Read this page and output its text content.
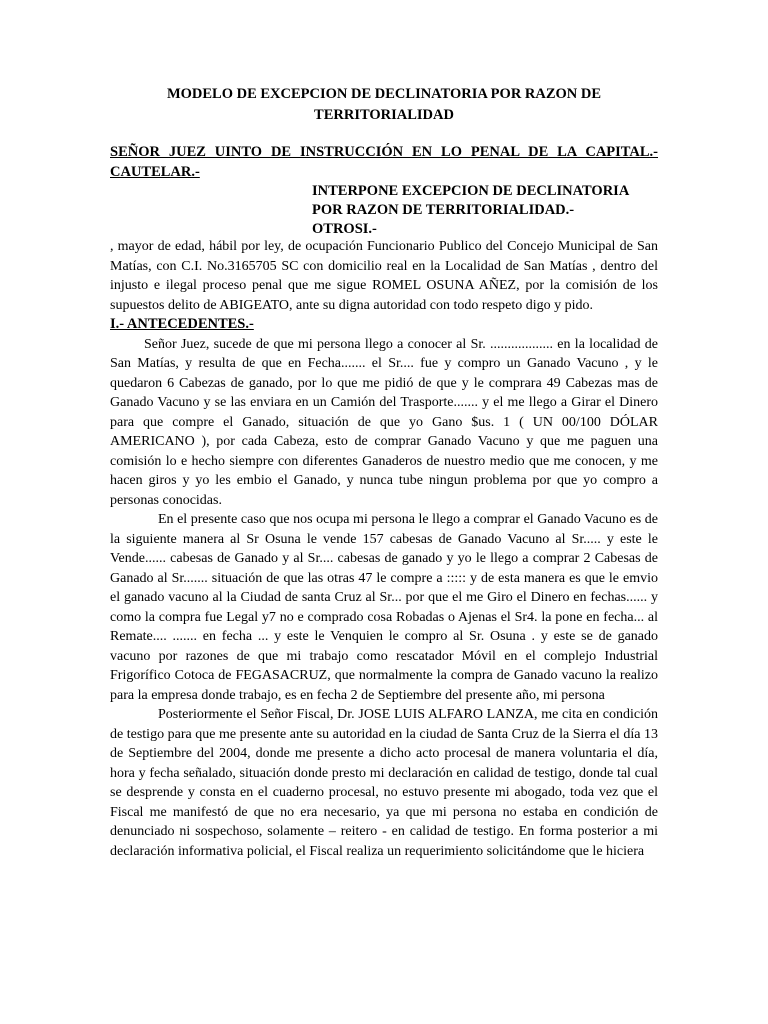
MODELO DE EXCEPCION DE DECLINATORIA POR RAZON DE TERRITORIALIDAD
SEÑOR JUEZ UINTO DE INSTRUCCIÓN EN LO PENAL DE LA CAPITAL.- CAUTELAR.-
INTERPONE EXCEPCION DE DECLINATORIA POR RAZON DE TERRITORIALIDAD.-
OTROSI.-

, mayor de edad, hábil por ley, de ocupación Funcionario Publico del Concejo Municipal de San Matías, con C.I. No.3165705 SC con domicilio real en la Localidad de San Matías , dentro del injusto e ilegal proceso penal que me sigue ROMEL OSUNA AÑEZ, por la comisión de los supuestos delito de ABIGEATO, ante su digna autoridad con todo respeto digo y pido.

I.- ANTECEDENTES.-

Señor Juez, sucede de que mi persona llego a conocer al Sr. .................. en la localidad de San Matías, y resulta de que en Fecha....... el Sr.... fue y compro un Ganado Vacuno , y le quedaron 6 Cabezas de ganado, por lo que me pidió de que y le comprara 49 Cabezas mas de Ganado Vacuno y se las enviara en un Camión del Trasporte....... y el me llego a Girar el Dinero para que compre el Ganado, situación de que yo Gano $us. 1 ( UN 00/100 DÓLAR AMERICANO ), por cada Cabeza, esto de comprar Ganado Vacuno y que me paguen una comisión lo e hecho siempre con diferentes Ganaderos de nuestro medio que me conocen, y me hacen giros y yo les embio el Ganado, y nunca tube ningun problema por que yo compro a personas conocidas.

En el presente caso que nos ocupa mi persona le llego a comprar el Ganado Vacuno es de la siguiente manera al Sr Osuna le vende 157 cabesas de Ganado Vacuno al Sr..... y este le Vende...... cabesas de Ganado y al Sr.... cabesas de ganado y yo le llego a comprar 2 Cabesas de Ganado al Sr....... situación de que las otras 47 le compre a ::::: y de esta manera es que le emvio el ganado vacuno al la Ciudad de santa Cruz al Sr... por que el me Giro el Dinero en fechas...... y como la compra fue Legal y7 no e comprado cosa Robadas o Ajenas el Sr4. la pone en fecha... al Remate.... ....... en fecha ... y este le Venquien le compro al Sr. Osuna . y este se de ganado vacuno por razones de que mi trabajo como rescatador Móvil en el complejo Industrial Frigorífico Cotoca de FEGASACRUZ, que normalmente la compra de Ganado vacuno la realizo para la empresa donde trabajo, es en fecha 2 de Septiembre del presente año, mi persona

Posteriormente el Señor Fiscal, Dr. JOSE LUIS ALFARO LANZA, me cita en condición de testigo para que me presente ante su autoridad en la ciudad de Santa Cruz de la Sierra el día 13 de Septiembre del 2004, donde me presente a dicho acto procesal de manera voluntaria el día, hora y fecha señalado, situación donde presto mi declaración en calidad de testigo, donde tal cual se desprende y consta en el cuaderno procesal, no estuvo presente mi abogado, toda vez que el Fiscal me manifestó de que no era necesario, ya que mi persona no estaba en condición de denunciado ni sospechoso, solamente – reitero - en calidad de testigo. En forma posterior a mi declaración informativa policial, el Fiscal realiza un requerimiento solicitándome que le hiciera
